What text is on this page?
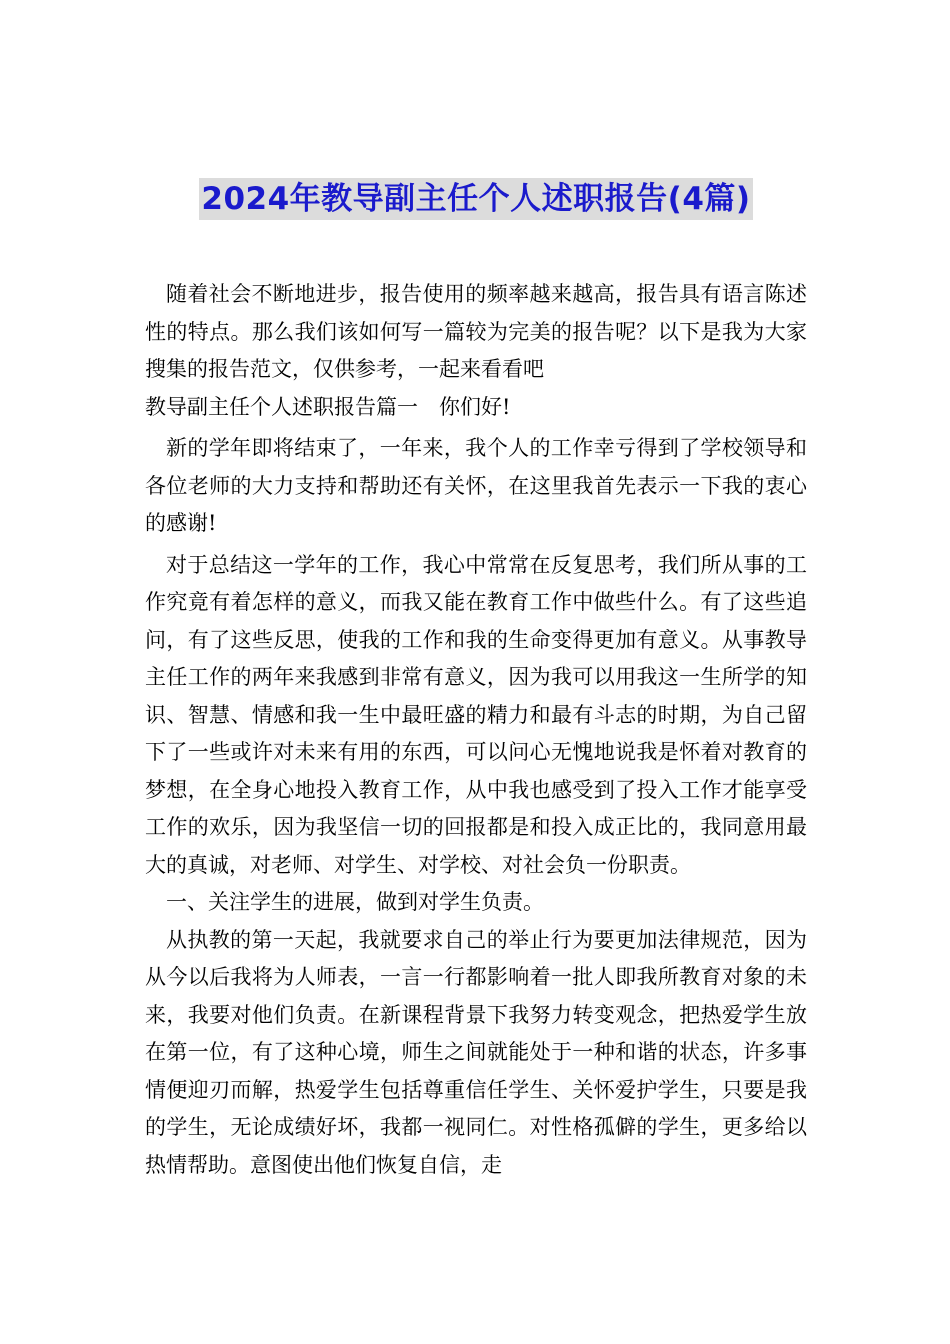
2024年教导副主任个人述职报告(4篇)

随着社会不断地进步，报告使用的频率越来越高，报告具有语言陈述性的特点。那么我们该如何写一篇较为完美的报告呢？以下是我为大家搜集的报告范文，仅供参考，一起来看看吧

教导副主任个人述职报告篇一　你们好!

新的学年即将结束了，一年来，我个人的工作幸亏得到了学校领导和各位老师的大力支持和帮助还有关怀，在这里我首先表示一下我的衷心的感谢!

对于总结这一学年的工作，我心中常常在反复思考，我们所从事的工作究竟有着怎样的意义，而我又能在教育工作中做些什么。有了这些追问，有了这些反思，使我的工作和我的生命变得更加有意义。从事教导主任工作的两年来我感到非常有意义，因为我可以用我这一生所学的知识、智慧、情感和我一生中最旺盛的精力和最有斗志的时期，为自己留下了一些或许对未来有用的东西，可以问心无愧地说我是怀着对教育的梦想，在全身心地投入教育工作，从中我也感受到了投入工作才能享受工作的欢乐，因为我坚信一切的回报都是和投入成正比的，我同意用最大的真诚，对老师、对学生、对学校、对社会负一份职责。

一、关注学生的进展，做到对学生负责。

从执教的第一天起，我就要求自己的举止行为要更加法律规范，因为从今以后我将为人师表，一言一行都影响着一批人即我所教育对象的未来，我要对他们负责。在新课程背景下我努力转变观念，把热爱学生放在第一位，有了这种心境，师生之间就能处于一种和谐的状态，许多事情便迎刃而解，热爱学生包括尊重信任学生、关怀爱护学生，只要是我的学生，无论成绩好坏，我都一视同仁。对性格孤僻的学生，更多给以热情帮助。意图使出他们恢复自信，走
